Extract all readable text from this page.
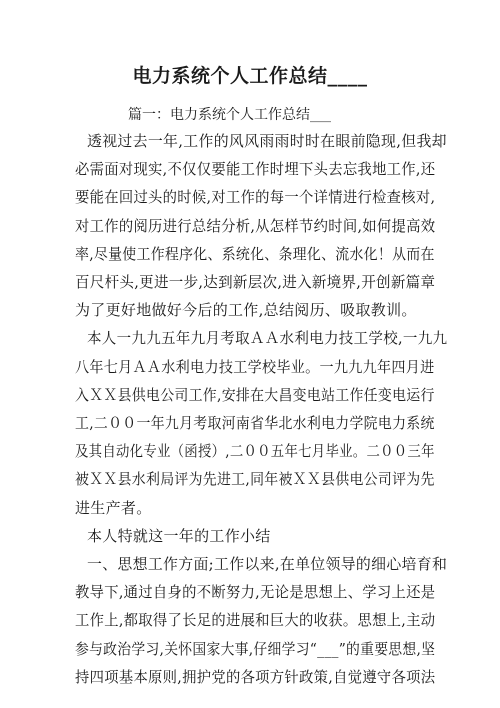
电力系统个人工作总结____

篇一：电力系统个人工作总结___

透视过去一年,工作的风风雨雨时时在眼前隐现,但我却
必需面对现实,不仅仅要能工作时埋下头去忘我地工作,还
要能在回过头的时候,对工作的每一个详情进行检查核对,
对工作的阅历进行总结分析,从怎样节约时间,如何提高效
率,尽量使工作程序化、系统化、条理化、流水化！从而在
百尺杆头,更进一步,达到新层次,进入新境界,开创新篇章
为了更好地做好今后的工作,总结阅历、吸取教训。
本人一九九五年九月考取ＡＡ水利电力技工学校,一九九
八年七月ＡＡ水利电力技工学校毕业。一九九九年四月进
入ＸＸ县供电公司工作,安排在大昌变电站工作任变电运行
工,二００一年九月考取河南省华北水利电力学院电力系统
及其自动化专业（函授）,二００五年七月毕业。二００三年
被ＸＸ县水利局评为先进工,同年被ＸＸ县供电公司评为先
进生产者。
本人特就这一年的工作小结
一、思想工作方面;工作以来,在单位领导的细心培育和
教导下,通过自身的不断努力,无论是思想上、学习上还是
工作上,都取得了长足的进展和巨大的收获。思想上,主动
参与政治学习,关怀国家大事,仔细学习“___”的重要思想,坚
持四项基本原则,拥护党的各项方针政策,自觉遵守各项法
